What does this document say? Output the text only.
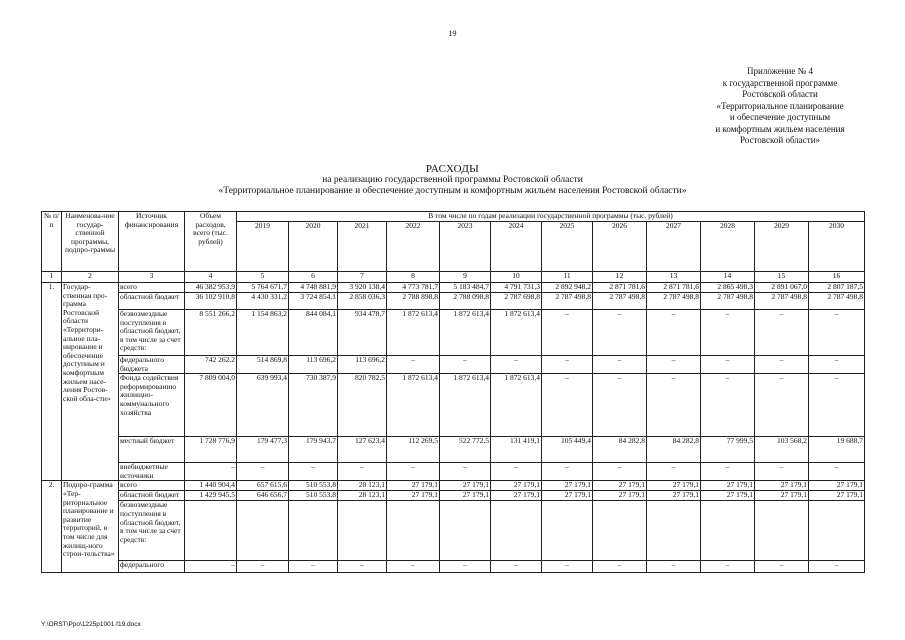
19
Приложение № 4
к государственной программе
Ростовской области
«Территориальное планирование
и обеспечение доступным
и комфортным жильем населения
Ростовской области»
РАСХОДЫ
на реализацию государственной программы Ростовской области
«Территориальное планирование и обеспечение доступным и комфортным жильем населения Ростовской области»
№ п/п	Наименова-ние государ-ственной программы, подпро-граммы	Источник финансирования	Объем расходов, всего (тыс. рублей)	В том числе по годам реализации государственной программы (тыс. рублей)											
				2019	2020	2021	2022	2023	2024	2025	2026	2027	2028	2029	2030
1	2	3	4	5	6	7	8	9	10	11	12	13	14	15	16
1.	Государ-ственная про-грамма Ростовской области «Территори-альное пла-нирование и обеспечение доступным и комфортным жильем насе-ления Ростов-ской обла-сти»	всего	46 382 953,9	5 764 671,7	4 748 881,9	3 920 138,4	4 773 781,7	5 183 484,7	4 791 731,3	2 892 948,2	2 871 781,6	2 871 781,6	2 865 498,3	2 891 067,0	2 807 187,5
		областной бюджет	36 102 910,8	4 430 331,2	3 724 854,1	2 858 036,3	2 788 898,8	2 788 098,8	2 787 698,8	2 787 498,8	2 787 498,8	2 787 498,8	2 787 498,8	2 787 498,8	2 787 498,8
		безвозмездные поступления в областной бюджет, в том числе за счет средств:	8 551 266,2	1 154 863,2	844 084,1	934 478,7	1 872 613,4	1 872 613,4	1 872 613,4	–	–	–	–	–	–
		федерального бюджета	742 262,2	514 869,8	113 696,2	113 696,2	–	–	–	–	–	–	–	–	–
		Фонда содействия реформированию жилищно-коммунального хозяйства	7 809 004,0	639 993,4	730 387,9	820 782,5	1 872 613,4	1 872 613,4	1 872 613,4	–	–	–	–	–	–
		местный бюджет	1 728 776,9	179 477,3	179 943,7	127 623,4	112 269,5	522 772,5	131 419,1	105 449,4	84 282,8	84 282,8	77 999,5	103 568,2	19 688,7
		внебюджетные источники	–	–	–	–	–	–	–	–	–	–	–	–	–
2.	Подпро-грамма «Тер-риториальное планирование и развитие территорий, в том числе для жилищ-ного строи-тельства»	всего	1 440 904,4	657 615,6	510 553,8	28 123,1	27 179,1	27 179,1	27 179,1	27 179,1	27 179,1	27 179,1	27 179,1	27 179,1	27 179,1
		областной бюджет	1 429 945,5	646 656,7	510 553,8	28 123,1	27 179,1	27 179,1	27 179,1	27 179,1	27 179,1	27 179,1	27 179,1	27 179,1	27 179,1
		безвозмездные поступления в областной бюджет, в том числе за счет средств:													
		федерального	–	–	–	–	–	–	–	–	–	–	–	–	–
Y:\ORST\Ppo\1225p1001.f19.docx
